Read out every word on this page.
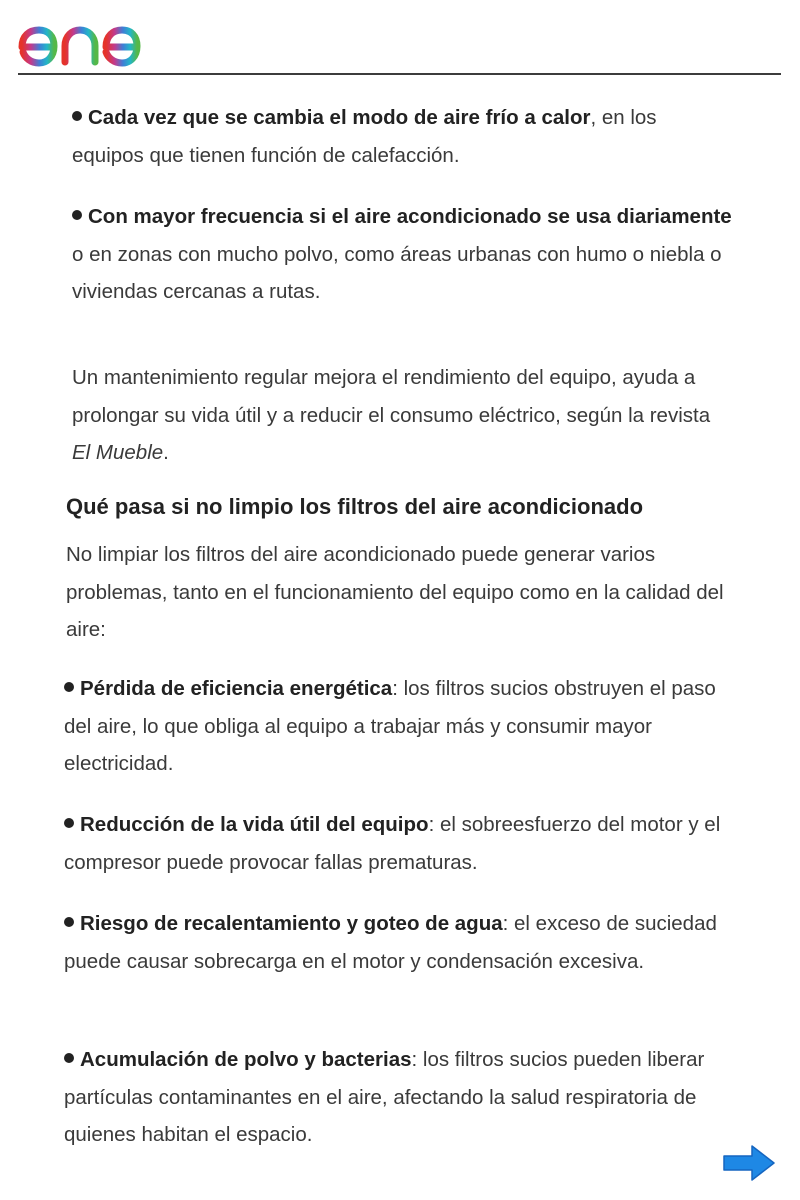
Cada vez que se cambia el modo de aire frío a calor, en los equipos que tienen función de calefacción.
Con mayor frecuencia si el aire acondicionado se usa diariamente o en zonas con mucho polvo, como áreas urbanas con humo o niebla o viviendas cercanas a rutas.
Un mantenimiento regular mejora el rendimiento del equipo, ayuda a prolongar su vida útil y a reducir el consumo eléctrico, según la revista El Mueble.
Qué pasa si no limpio los filtros del aire acondicionado
No limpiar los filtros del aire acondicionado puede generar varios problemas, tanto en el funcionamiento del equipo como en la calidad del aire:
Pérdida de eficiencia energética: los filtros sucios obstruyen el paso del aire, lo que obliga al equipo a trabajar más y consumir mayor electricidad.
Reducción de la vida útil del equipo: el sobreesfuerzo del motor y el compresor puede provocar fallas prematuras.
Riesgo de recalentamiento y goteo de agua: el exceso de suciedad puede causar sobrecarga en el motor y condensación excesiva.
Acumulación de polvo y bacterias: los filtros sucios pueden liberar partículas contaminantes en el aire, afectando la salud respiratoria de quienes habitan el espacio.
